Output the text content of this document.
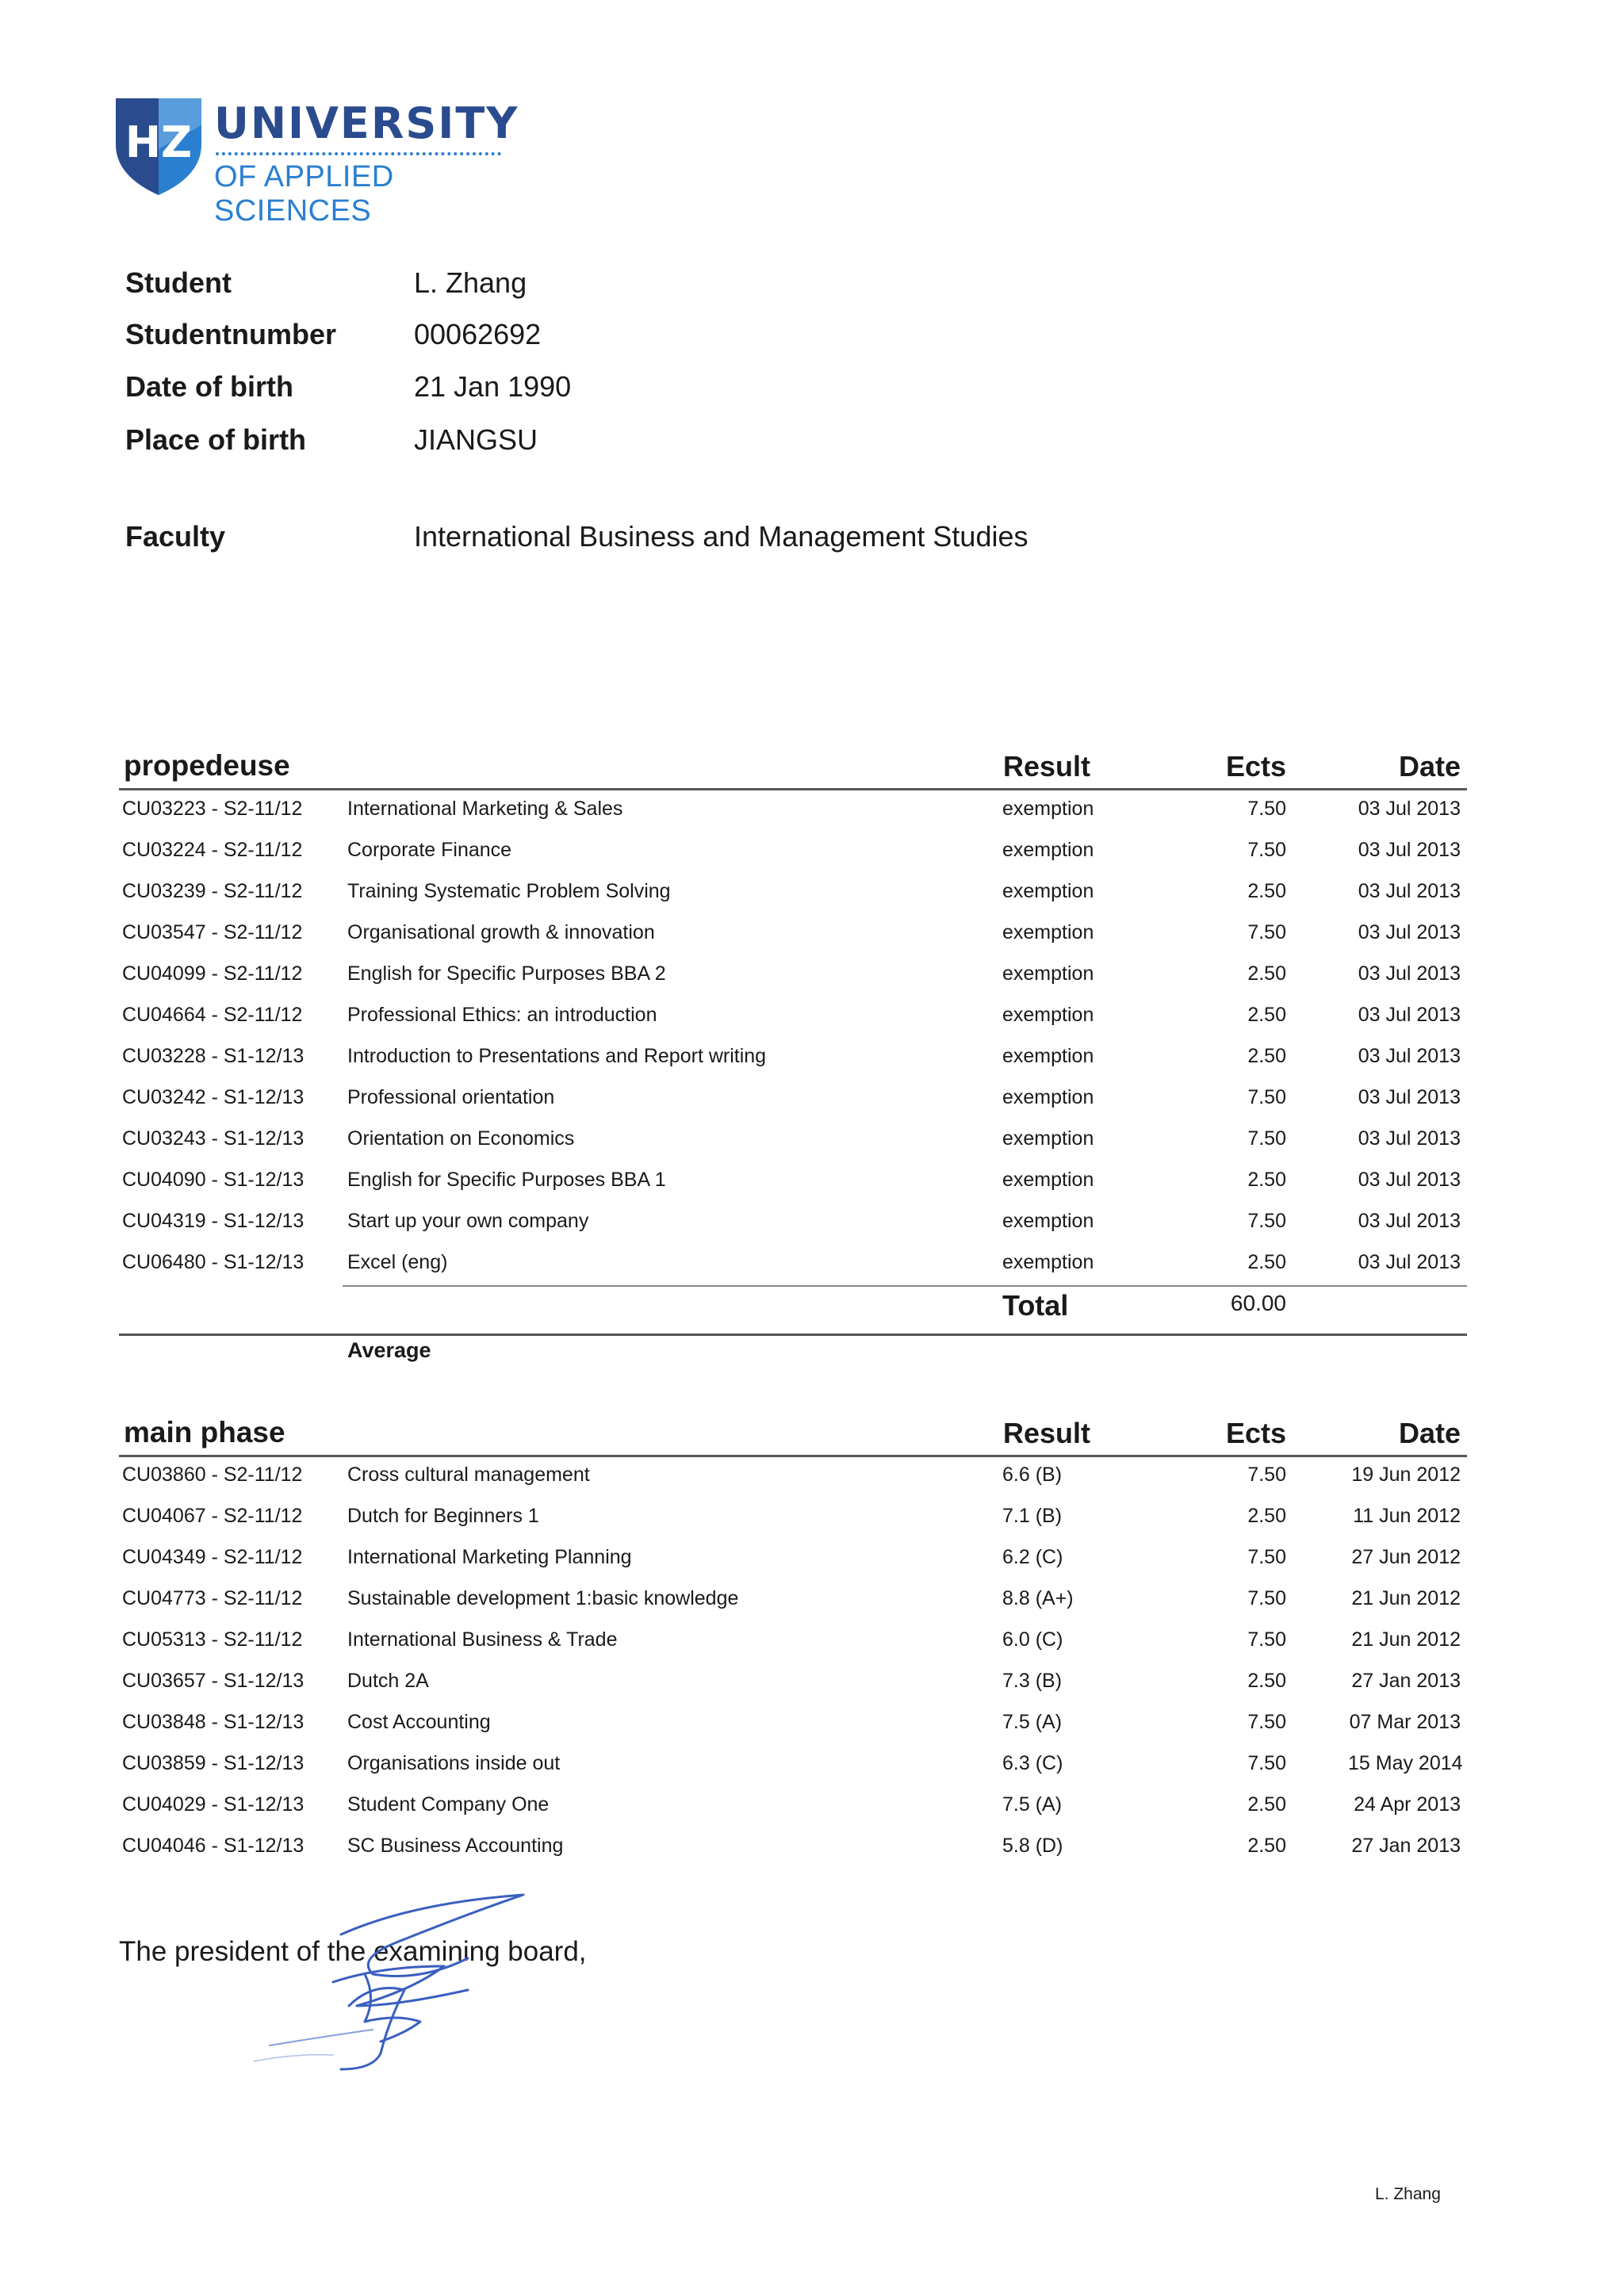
HZ UNIVERSITY
OF APPLIED SCIENCES
Student	L. Zhang
Studentnumber	00062692
Date of birth	21 Jan 1990
Place of birth	JIANGSU
Faculty	International Business and Management Studies
propedeuse	Result	Ects	Date
CU03223 - S2-11/12 International Marketing & Sales	exemption	7.50	03 Jul 2013
CU03224 - S2-11/12 Corporate Finance	exemption	7.50	03 Jul 2013
CU03239 - S2-11/12 Training Systematic Problem Solving	exemption	2.50	03 Jul 2013
CU03547 - S2-11/12 Organisational growth & innovation	exemption	7.50	03 Jul 2013
CU04099 - S2-11/12 English for Specific Purposes BBA 2	exemption	2.50	03 Jul 2013
CU04664 - S2-11/12 Professional Ethics: an introduction	exemption	2.50	03 Jul 2013
CU03228 - S1-12/13 Introduction to Presentations and Report writing	exemption	2.50	03 Jul 2013
CU03242 - S1-12/13 Professional orientation	exemption	7.50	03 Jul 2013
CU03243 - S1-12/13 Orientation on Economics	exemption	7.50	03 Jul 2013
CU04090 - S1-12/13 English for Specific Purposes BBA 1	exemption	2.50	03 Jul 2013
CU04319 - S1-12/13 Start up your own company	exemption	7.50	03 Jul 2013
CU06480 - S1-12/13 Excel (eng)	exemption	2.50	03 Jul 2013
Total	60.00
Average
main phase	Result	Ects	Date
CU03860 - S2-11/12 Cross cultural management	6.6 (B)	7.50	19 Jun 2012
CU04067 - S2-11/12 Dutch for Beginners 1	7.1 (B)	2.50	11 Jun 2012
CU04349 - S2-11/12 International Marketing Planning	6.2 (C)	7.50	27 Jun 2012
CU04773 - S2-11/12 Sustainable development 1:basic knowledge	8.8 (A+)	7.50	21 Jun 2012
CU05313 - S2-11/12 International Business & Trade	6.0 (C)	7.50	21 Jun 2012
CU03657 - S1-12/13 Dutch 2A	7.3 (B)	2.50	27 Jan 2013
CU03848 - S1-12/13 Cost Accounting	7.5 (A)	7.50	07 Mar 2013
CU03859 - S1-12/13 Organisations inside out	6.3 (C)	7.50	15 May 2014
CU04029 - S1-12/13 Student Company One	7.5 (A)	2.50	24 Apr 2013
CU04046 - S1-12/13 SC Business Accounting	5.8 (D)	2.50	27 Jan 2013
The president of the examining board,
L. Zhang
